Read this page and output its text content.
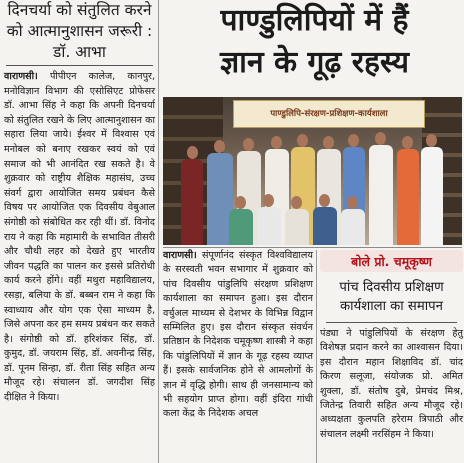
दिनचर्या को संतुलित करने को आत्मानुशासन जरूरी : डॉ. आभा

वाराणसी। पीपीएन कालेज, कानपुर, मनोविज्ञान विभाग की एसोसिएट प्रोफेसर डॉ. आभा सिंह ने कहा कि अपनी दिनचर्या को संतुलित रखने के लिए आत्मानुशासन का सहारा लिया जाये। ईश्वर में विश्वास एवं मनोबल को बनाए रखकर स्वयं को एवं समाज को भी आनंदित रख सकते है। वे शुक्रवार को राष्ट्रीय शैक्षिक महासंघ, उच्च संवर्ग द्वारा आयोजित समय प्रबंधन कैसे विषय पर आयोजित एक दिवसीय वेबुआल संगोष्ठी को संबोधित कर रही थीं। डॉ. विनोद राय ने कहा कि महामारी के सभावित तीसरी और चौथी लहर को देखते हुए भारतीय जीवन पद्धति का पालन कर इससे प्रतिरोधी कार्य करने होंगे। वहीं मथुरा महाविद्यालय, रसड़ा, बलिया के डॉ. बब्बन राम ने कहा कि स्वाध्याय और योग एक ऐसा माध्यम है, जिसे अपना कर हम समय प्रबंधन कर सकते है। संगोष्ठी को डॉ. हरिशंकर सिंह, डॉ. कुमुद, डॉ. जयराम सिंह, डॉ. अवनीन्द्र सिंह, डॉ. पूनम सिन्हा, डॉ. रीता सिंह सहित अन्य मौजूद रहे। संचालन डॉ. जगदीश सिंह दीक्षित ने किया।

पाण्डुलिपियों में हैं
ज्ञान के गूढ़ रहस्य
पाण्डुलिपि-संरक्षण-प्रशिक्षण-कार्यशाला

वाराणसी। संपूर्णानंद संस्कृत विश्वविद्यालय के सरस्वती भवन सभागार में शुक्रवार को पांच दिवसीय पांडुलिपि संरक्षण प्रशिक्षण कार्यशाला का समापन हुआ। इस दौरान वर्चुअल माध्यम से देशभर के विभिन्न विद्वान सम्मिलित हुए। इस दौरान संस्कृत संवर्धन प्रतिष्ठान के निदेशक चमूकृष्ण शास्त्री ने कहा कि पांडुलिपियों में ज्ञान के गूढ़ रहस्य व्याप्त हैं। इसके सार्वजनिक होने से आमलोगों के ज्ञान में वृद्धि होगी। साथ ही जनसामान्य को भी सहयोग प्राप्त होगा। वहीं इंदिरा गांधी कला केंद्र के निदेशक अचल

बोले प्रो. चमूकृष्ण
पांच दिवसीय प्रशिक्षण कार्यशाला का समापन

पंड्या ने पांडुलिपियों के संरक्षण हेतु विशेषज्ञ प्रदान करने का आश्वासन दिया। इस दौरान महान शिक्षाविद डॉ. चांद किरण सलूजा, संयोजक प्रो. अमित शुक्ला, डॉ. संतोष दुबे, प्रेमचंद मिश्र, जितेन्द्र तिवारी सहित अन्य मौजूद रहे। अध्यक्षता कुलपति हरेराम त्रिपाठी और संचालन लक्ष्मी नरसिंहम ने किया।
